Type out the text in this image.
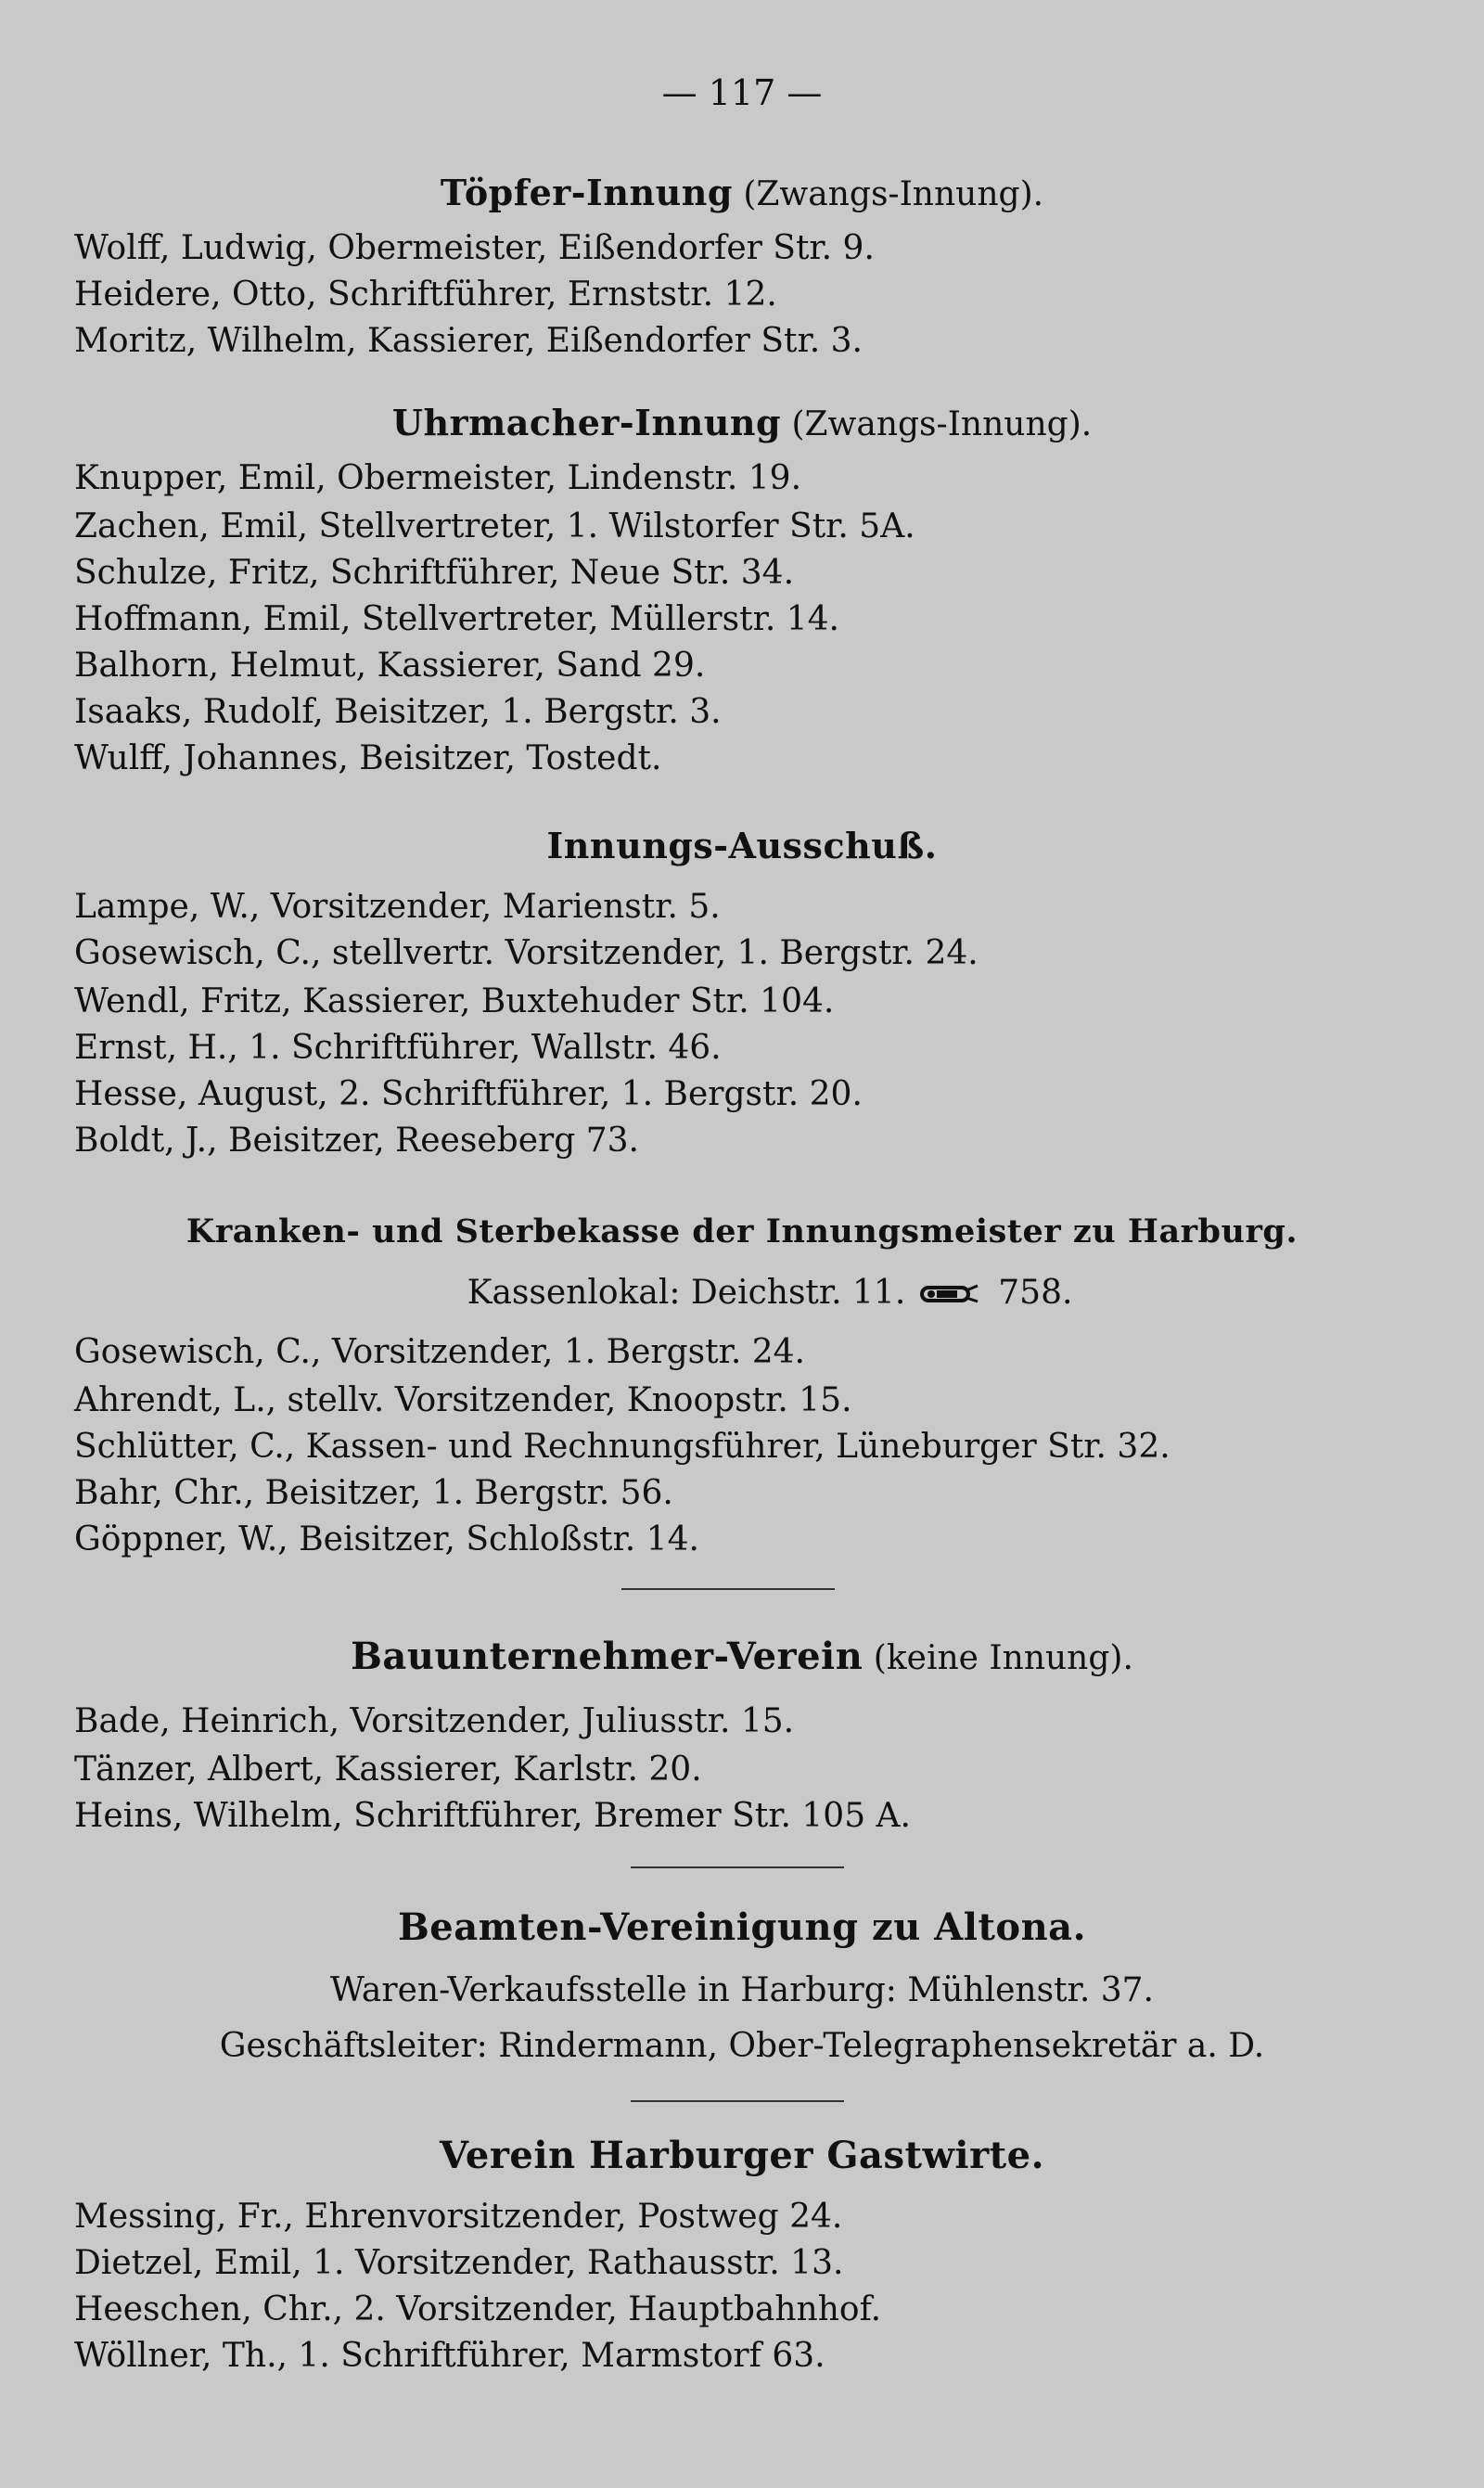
— 117 —
Töpfer-Innung (Zwangs-Innung).
Wolff, Ludwig, Obermeister, Eißendorfer Str. 9.
Heidere, Otto, Schriftführer, Ernststr. 12.
Moritz, Wilhelm, Kassierer, Eißendorfer Str. 3.
Uhrmacher-Innung (Zwangs-Innung).
Knupper, Emil, Obermeister, Lindenstr. 19.
Zachen, Emil, Stellvertreter, 1. Wilstorfer Str. 5A.
Schulze, Fritz, Schriftführer, Neue Str. 34.
Hoffmann, Emil, Stellvertreter, Müllerstr. 14.
Balhorn, Helmut, Kassierer, Sand 29.
Isaaks, Rudolf, Beisitzer, 1. Bergstr. 3.
Wulff, Johannes, Beisitzer, Tostedt.
Innungs-Ausschuß.
Lampe, W., Vorsitzender, Marienstr. 5.
Gosewisch, C., stellvertr. Vorsitzender, 1. Bergstr. 24.
Wendl, Fritz, Kassierer, Buxtehuder Str. 104.
Ernst, H., 1. Schriftführer, Wallstr. 46.
Hesse, August, 2. Schriftführer, 1. Bergstr. 20.
Boldt, J., Beisitzer, Reeseberg 73.
Kranken- und Sterbekasse der Innungsmeister zu Harburg.
Kassenlokal: Deichstr. 11.	758.
Gosewisch, C., Vorsitzender, 1. Bergstr. 24.
Ahrendt, L., stellv. Vorsitzender, Knoopstr. 15.
Schlütter, C., Kassen- und Rechnungsführer, Lüneburger Str. 32.
Bahr, Chr., Beisitzer, 1. Bergstr. 56.
Göppner, W., Beisitzer, Schloßstr. 14.
Bauunternehmer-Verein (keine Innung).
Bade, Heinrich, Vorsitzender, Juliusstr. 15.
Tänzer, Albert, Kassierer, Karlstr. 20.
Heins, Wilhelm, Schriftführer, Bremer Str. 105 A.
Beamten-Vereinigung zu Altona.
Waren-Verkaufsstelle in Harburg: Mühlenstr. 37.
Geschäftsleiter: Rindermann, Ober-Telegraphensekretär a. D.
Verein Harburger Gastwirte.
Messing, Fr., Ehrenvorsitzender, Postweg 24.
Dietzel, Emil, 1. Vorsitzender, Rathausstr. 13.
Heeschen, Chr., 2. Vorsitzender, Hauptbahnhof.
Wöllner, Th., 1. Schriftführer, Marmstorf 63.
